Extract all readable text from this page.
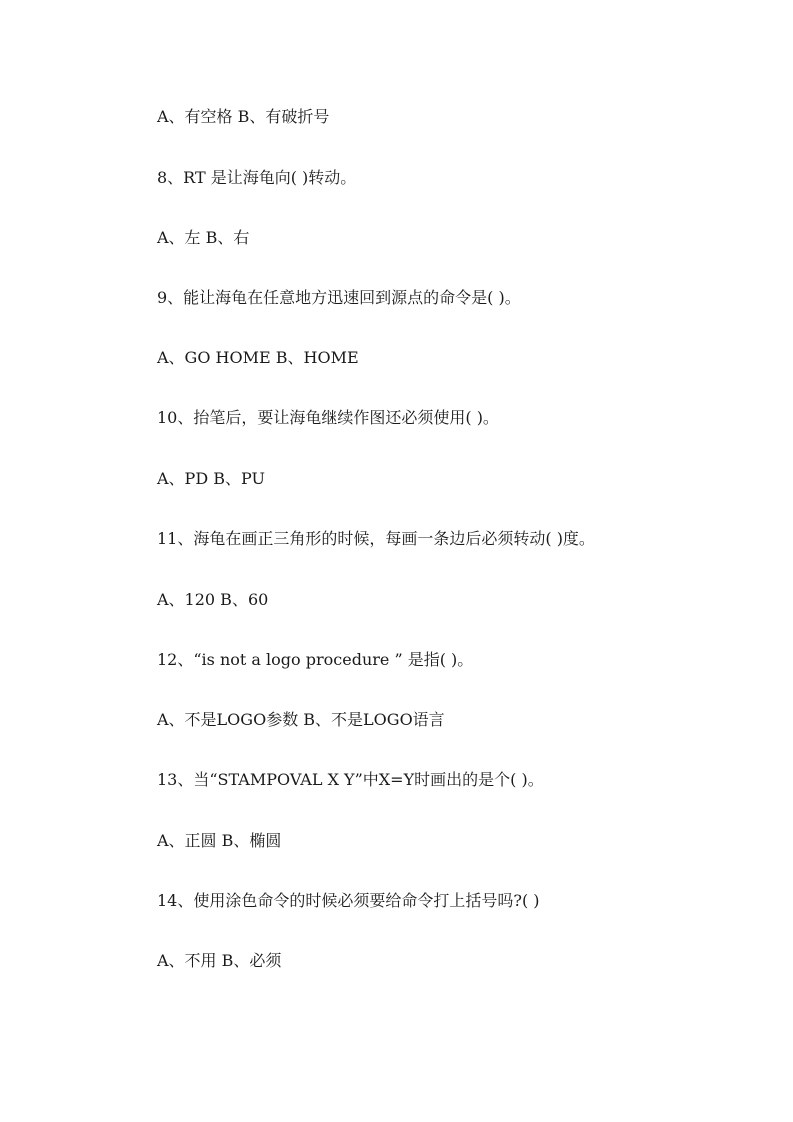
A、有空格 B、有破折号
8、RT 是让海龟向( )转动。
A、左 B、右
9、能让海龟在任意地方迅速回到源点的命令是( )。
A、GO HOME B、HOME
10、抬笔后，要让海龟继续作图还必须使用( )。
A、PD B、PU
11、海龟在画正三角形的时候，每画一条边后必须转动( )度。
A、120 B、60
12、“is not a logo procedure ” 是指( )。
A、不是LOGO参数 B、不是LOGO语言
13、当“STAMPOVAL X Y”中X=Y时画出的是个( )。
A、正圆 B、椭圆
14、使用涂色命令的时候必须要给命令打上括号吗?( )
A、不用 B、必须
